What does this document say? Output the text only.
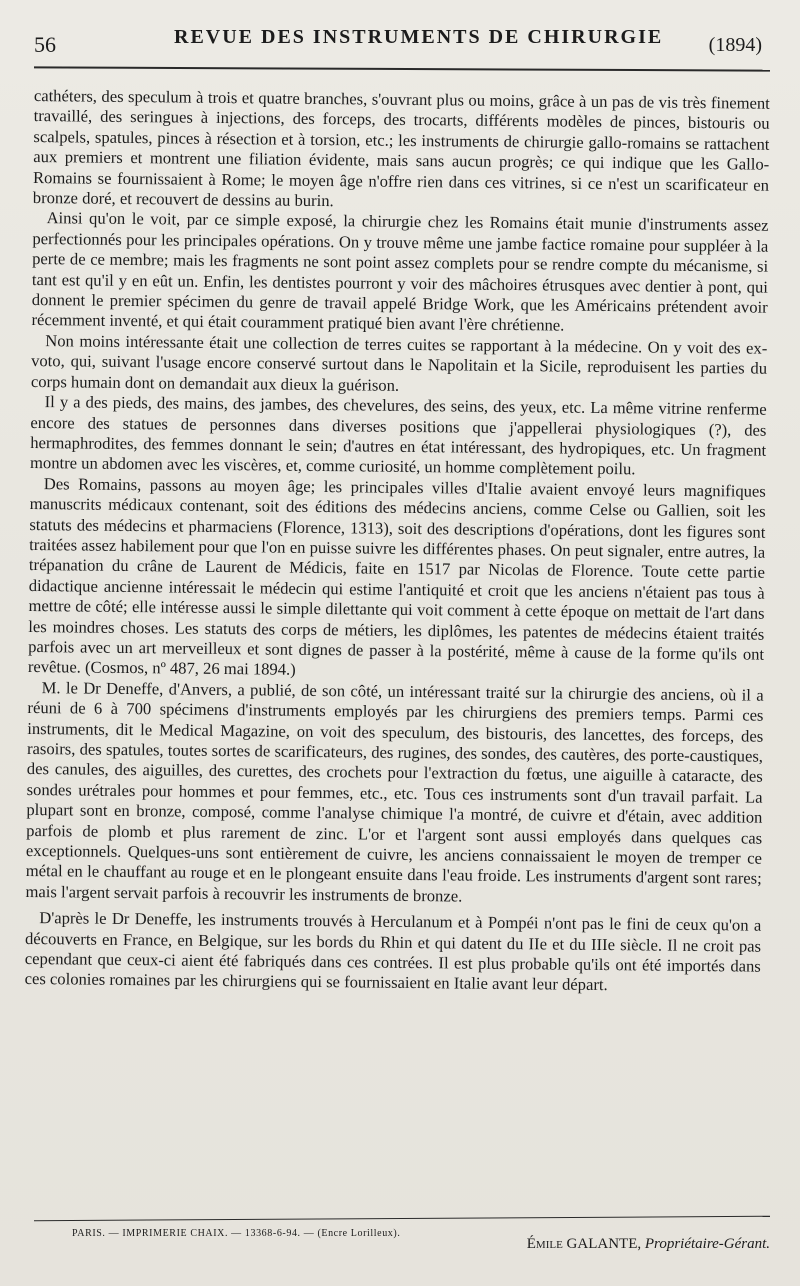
56	REVUE DES INSTRUMENTS DE CHIRURGIE (1894)

cathéters, des speculum à trois et quatre branches, s'ouvrant plus ou moins, grâce à un pas de vis très finement travaillé, des seringues à injections, des forceps, des trocarts, différents modèles de pinces, bistouris ou scalpels, spatules, pinces à résection et à torsion, etc.; les instruments de chirurgie gallo-romains se rattachent aux premiers et montrent une filiation évidente, mais sans aucun progrès; ce qui indique que les Gallo-Romains se fournissaient à Rome; le moyen âge n'offre rien dans ces vitrines, si ce n'est un scarificateur en bronze doré, et recouvert de dessins au burin.

Ainsi qu'on le voit, par ce simple exposé, la chirurgie chez les Romains était munie d'instruments assez perfectionnés pour les principales opérations. On y trouve même une jambe factice romaine pour suppléer à la perte de ce membre; mais les fragments ne sont point assez complets pour se rendre compte du mécanisme, si tant est qu'il y en eût un. Enfin, les dentistes pourront y voir des mâchoires étrusques avec dentier à pont, qui donnent le premier spécimen du genre de travail appelé Bridge Work, que les Américains prétendent avoir récemment inventé, et qui était couramment pratiqué bien avant l'ère chrétienne.

Non moins intéressante était une collection de terres cuites se rapportant à la médecine. On y voit des ex-voto, qui, suivant l'usage encore conservé surtout dans le Napolitain et la Sicile, reproduisent les parties du corps humain dont on demandait aux dieux la guérison.

Il y a des pieds, des mains, des jambes, des chevelures, des seins, des yeux, etc. La même vitrine renferme encore des statues de personnes dans diverses positions que j'appellerai physiologiques (?), des hermaphrodites, des femmes donnant le sein; d'autres en état intéressant, des hydropiques, etc. Un fragment montre un abdomen avec les viscères, et, comme curiosité, un homme complètement poilu.

Des Romains, passons au moyen âge; les principales villes d'Italie avaient envoyé leurs magnifiques manuscrits médicaux contenant, soit des éditions des médecins anciens, comme Celse ou Gallien, soit les statuts des médecins et pharmaciens (Florence, 1313), soit des descriptions d'opérations, dont les figures sont traitées assez habilement pour que l'on en puisse suivre les différentes phases. On peut signaler, entre autres, la trépanation du crâne de Laurent de Médicis, faite en 1517 par Nicolas de Florence. Toute cette partie didactique ancienne intéressait le médecin qui estime l'antiquité et croit que les anciens n'étaient pas tous à mettre de côté; elle intéresse aussi le simple dilettante qui voit comment à cette époque on mettait de l'art dans les moindres choses. Les statuts des corps de métiers, les diplômes, les patentes de médecins étaient traités parfois avec un art merveilleux et sont dignes de passer à la postérité, même à cause de la forme qu'ils ont revêtue. (Cosmos, nº 487, 26 mai 1894.)

M. le Dr Deneffe, d'Anvers, a publié, de son côté, un intéressant traité sur la chirurgie des anciens, où il a réuni de 6 à 700 spécimens d'instruments employés par les chirurgiens des premiers temps. Parmi ces instruments, dit le Medical Magazine, on voit des speculum, des bistouris, des lancettes, des forceps, des rasoirs, des spatules, toutes sortes de scarificateurs, des rugines, des sondes, des cautères, des porte-caustiques, des canules, des aiguilles, des curettes, des crochets pour l'extraction du fœtus, une aiguille à cataracte, des sondes urétrales pour hommes et pour femmes, etc., etc. Tous ces instruments sont d'un travail parfait. La plupart sont en bronze, composé, comme l'analyse chimique l'a montré, de cuivre et d'étain, avec addition parfois de plomb et plus rarement de zinc. L'or et l'argent sont aussi employés dans quelques cas exceptionnels. Quelques-uns sont entièrement de cuivre, les anciens connaissaient le moyen de tremper ce métal en le chauffant au rouge et en le plongeant ensuite dans l'eau froide. Les instruments d'argent sont rares; mais l'argent servait parfois à recouvrir les instruments de bronze.

D'après le Dr Deneffe, les instruments trouvés à Herculanum et à Pompéi n'ont pas le fini de ceux qu'on a découverts en France, en Belgique, sur les bords du Rhin et qui datent du IIe et du IIIe siècle. Il ne croit pas cependant que ceux-ci aient été fabriqués dans ces contrées. Il est plus probable qu'ils ont été importés dans ces colonies romaines par les chirurgiens qui se fournissaient en Italie avant leur départ.

PARIS. — IMPRIMERIE CHAIX. — 13368-6-94. — (Encre Lorilleux).
Émile GALANTE, Propriétaire-Gérant.
